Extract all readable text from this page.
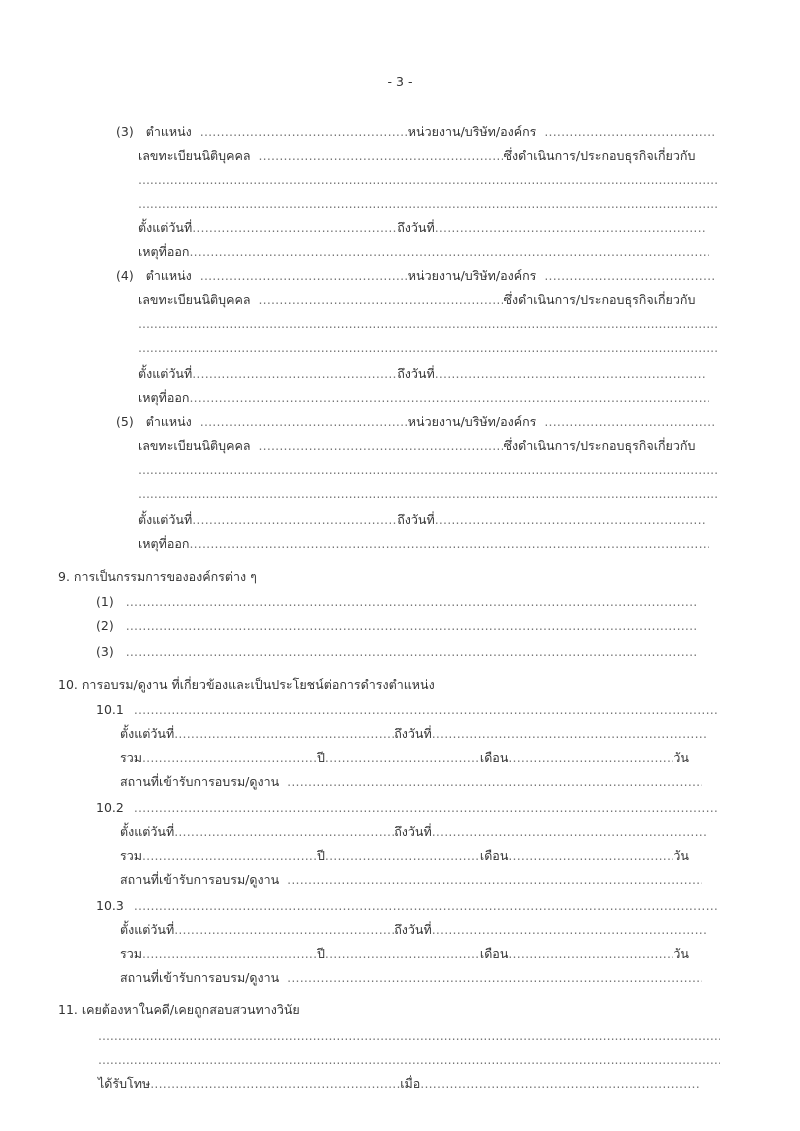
- 3 -
(3) ตำแหน่ง .....	หน่วยงาน/บริษัท/องค์กร .....
เลขทะเบียนนิติบุคคล .....	ซึ่งดำเนินการ/ประกอบธุรกิจเกี่ยวกับ
.....
.....
ตั้งแต่วันที่ .....	ถึงวันที่.....
เหตุที่ออก.....
(4) ตำแหน่ง .....	หน่วยงาน/บริษัท/องค์กร .....
เลขทะเบียนนิติบุคคล .....	ซึ่งดำเนินการ/ประกอบธุรกิจเกี่ยวกับ
.....
.....
ตั้งแต่วันที่ .....	ถึงวันที่.....
เหตุที่ออก.....
(5) ตำแหน่ง .....	หน่วยงาน/บริษัท/องค์กร .....
เลขทะเบียนนิติบุคคล .....	ซึ่งดำเนินการ/ประกอบธุรกิจเกี่ยวกับ
.....
.....
ตั้งแต่วันที่ .....	ถึงวันที่.....
เหตุที่ออก.....
9. การเป็นกรรมการขององค์กรต่าง ๆ
(1) .....
(2) .....
(3) .....
10. การอบรม/ดูงาน ที่เกี่ยวข้องและเป็นประโยชน์ต่อการดำรงตำแหน่ง
10.1 .....
ตั้งแต่วันที่ .....	ถึงวันที่.....
รวม .....	ปี .....	เดือน .....	วัน
สถานที่เข้ารับการอบรม/ดูงาน .....
10.2 .....
ตั้งแต่วันที่ .....	ถึงวันที่.....
รวม .....	ปี .....	เดือน .....	วัน
สถานที่เข้ารับการอบรม/ดูงาน .....
10.3 .....
ตั้งแต่วันที่ .....	ถึงวันที่.....
รวม .....	ปี .....	เดือน .....	วัน
สถานที่เข้ารับการอบรม/ดูงาน .....
11. เคยต้องหาในคดี/เคยถูกสอบสวนทางวินัย
.....
.....
ได้รับโทษ .....	เมื่อ.....
